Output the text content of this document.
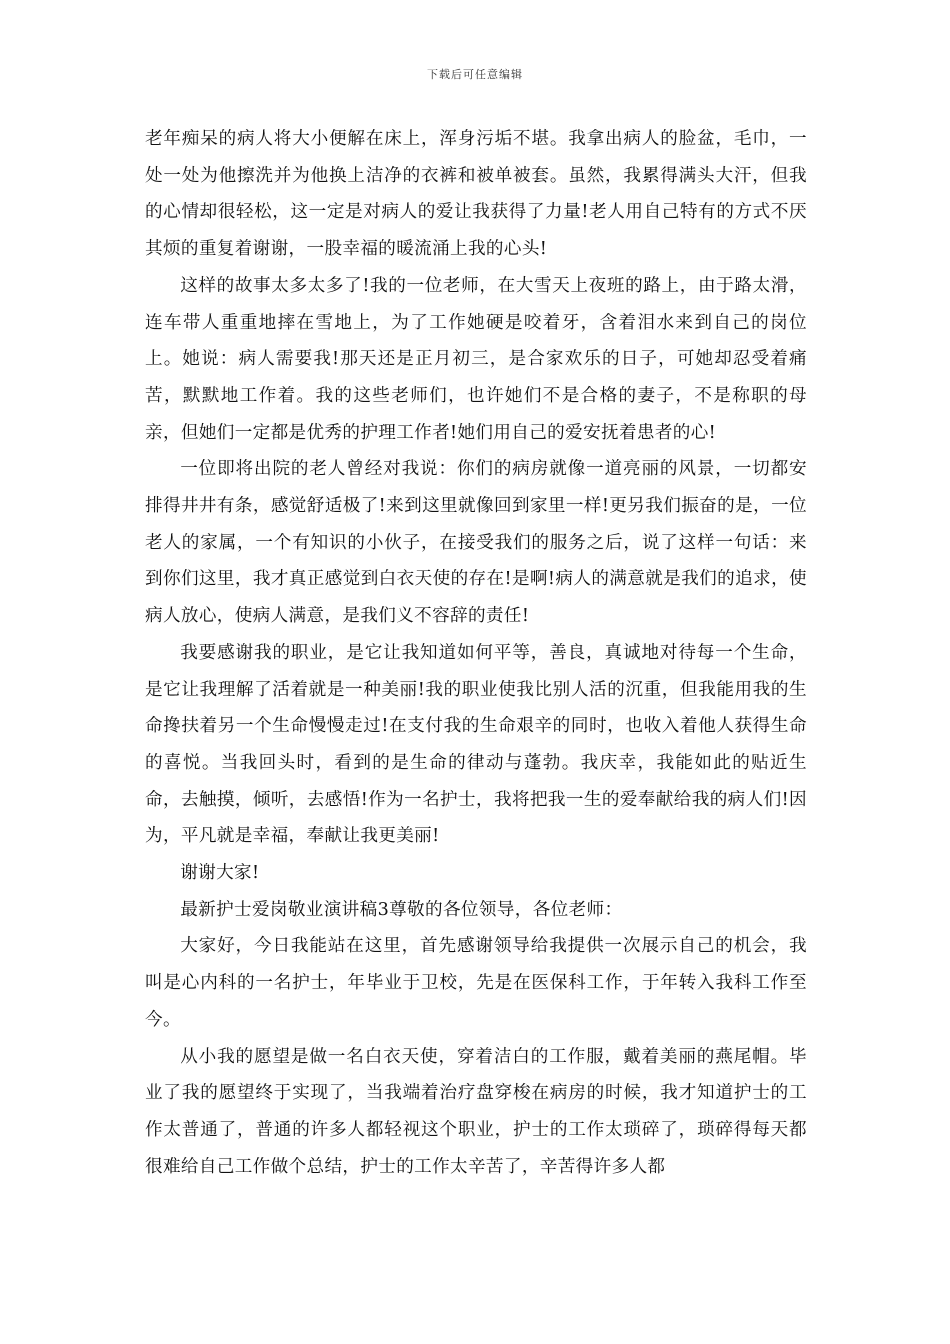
下载后可任意编辑

老年痴呆的病人将大小便解在床上，浑身污垢不堪。我拿出病人的脸盆，毛巾，一处一处为他擦洗并为他换上洁净的衣裤和被单被套。虽然，我累得满头大汗，但我的心情却很轻松，这一定是对病人的爱让我获得了力量!老人用自己特有的方式不厌其烦的重复着谢谢，一股幸福的暖流涌上我的心头!

这样的故事太多太多了!我的一位老师，在大雪天上夜班的路上，由于路太滑，连车带人重重地摔在雪地上，为了工作她硬是咬着牙，含着泪水来到自己的岗位上。她说：病人需要我!那天还是正月初三，是合家欢乐的日子，可她却忍受着痛苦，默默地工作着。我的这些老师们，也许她们不是合格的妻子，不是称职的母亲，但她们一定都是优秀的护理工作者!她们用自己的爱安抚着患者的心!

一位即将出院的老人曾经对我说：你们的病房就像一道亮丽的风景，一切都安排得井井有条，感觉舒适极了!来到这里就像回到家里一样!更另我们振奋的是，一位老人的家属，一个有知识的小伙子，在接受我们的服务之后，说了这样一句话：来到你们这里，我才真正感觉到白衣天使的存在!是啊!病人的满意就是我们的追求，使病人放心，使病人满意，是我们义不容辞的责任!

我要感谢我的职业，是它让我知道如何平等，善良，真诚地对待每一个生命，是它让我理解了活着就是一种美丽!我的职业使我比别人活的沉重，但我能用我的生命搀扶着另一个生命慢慢走过!在支付我的生命艰辛的同时，也收入着他人获得生命的喜悦。当我回头时，看到的是生命的律动与蓬勃。我庆幸，我能如此的贴近生命，去触摸，倾听，去感悟!作为一名护士，我将把我一生的爱奉献给我的病人们!因为，平凡就是幸福，奉献让我更美丽!

谢谢大家!

最新护士爱岗敬业演讲稿3尊敬的各位领导，各位老师：

大家好，今日我能站在这里，首先感谢领导给我提供一次展示自己的机会，我叫是心内科的一名护士，年毕业于卫校，先是在医保科工作，于年转入我科工作至今。

从小我的愿望是做一名白衣天使，穿着洁白的工作服，戴着美丽的燕尾帽。毕业了我的愿望终于实现了，当我端着治疗盘穿梭在病房的时候，我才知道护士的工作太普通了，普通的许多人都轻视这个职业，护士的工作太琐碎了，琐碎得每天都很难给自己工作做个总结，护士的工作太辛苦了，辛苦得许多人都
